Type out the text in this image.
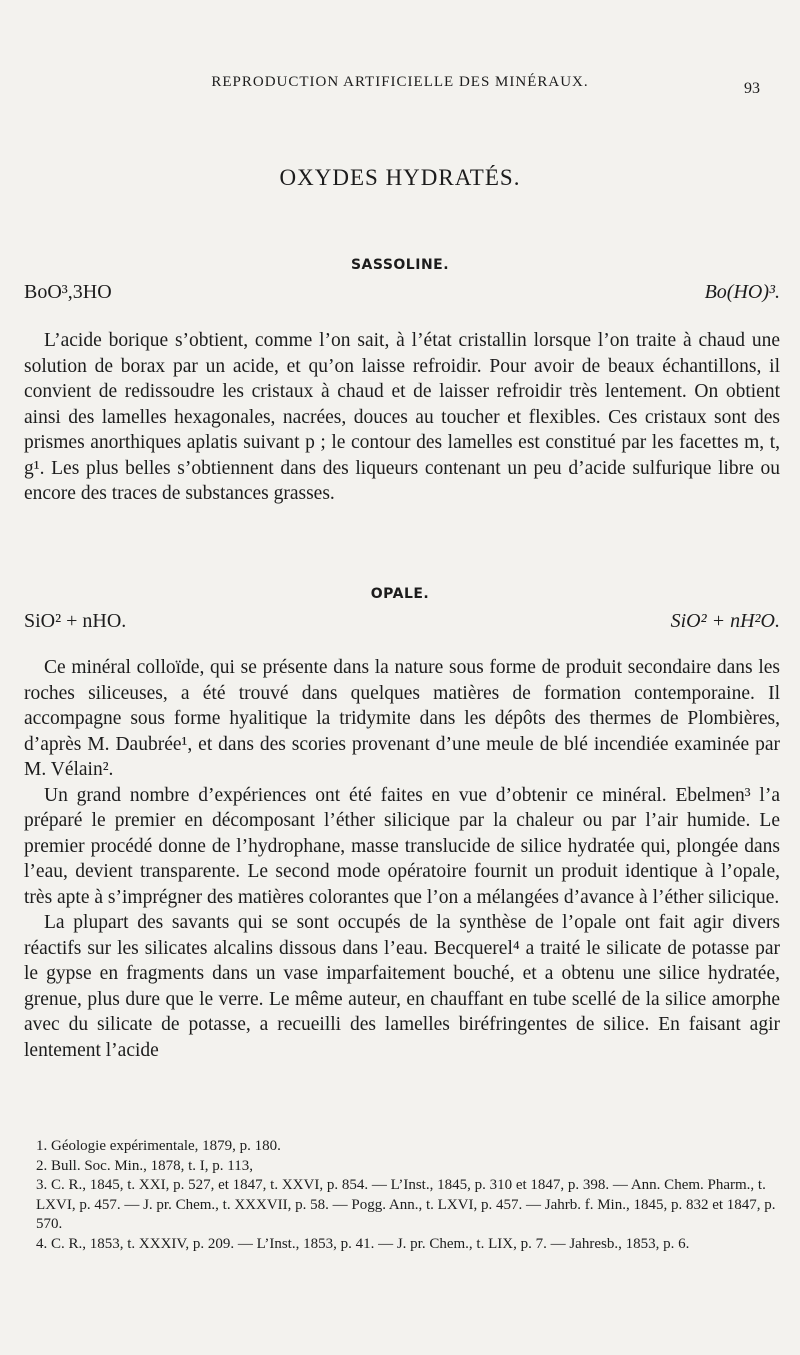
REPRODUCTION ARTIFICIELLE DES MINÉRAUX.	93
OXYDES HYDRATÉS.
SASSOLINE.
BoO³,3HO	Bo(HO)³.

L’acide borique s’obtient, comme l’on sait, à l’état cristallin lorsque l’on traite à chaud une solution de borax par un acide, et qu’on laisse refroidir. Pour avoir de beaux échantillons, il convient de redissoudre les cristaux à chaud et de laisser refroidir très lentement. On obtient ainsi des lamelles hexagonales, nacrées, douces au toucher et flexibles. Ces cristaux sont des prismes anorthiques aplatis suivant p ; le contour des lamelles est constitué par les facettes m, t, g¹. Les plus belles s’obtiennent dans des liqueurs contenant un peu d’acide sulfurique libre ou encore des traces de substances grasses.

OPALE.
SiO² + nHO.	SiO² + nH²O.

Ce minéral colloïde, qui se présente dans la nature sous forme de produit secondaire dans les roches siliceuses, a été trouvé dans quelques matières de formation contemporaine. Il accompagne sous forme hyalitique la tridymite dans les dépôts des thermes de Plombières, d’après M. Daubrée¹, et dans des scories provenant d’une meule de blé incendiée examinée par M. Vélain².

Un grand nombre d’expériences ont été faites en vue d’obtenir ce minéral. Ebelmen³ l’a préparé le premier en décomposant l’éther silicique par la chaleur ou par l’air humide. Le premier procédé donne de l’hydrophane, masse translucide de silice hydratée qui, plongée dans l’eau, devient transparente. Le second mode opératoire fournit un produit identique à l’opale, très apte à s’imprégner des matières colorantes que l’on a mélangées d’avance à l’éther silicique.

La plupart des savants qui se sont occupés de la synthèse de l’opale ont fait agir divers réactifs sur les silicates alcalins dissous dans l’eau. Becquerel⁴ a traité le silicate de potasse par le gypse en fragments dans un vase imparfaitement bouché, et a obtenu une silice hydratée, grenue, plus dure que le verre. Le même auteur, en chauffant en tube scellé de la silice amorphe avec du silicate de potasse, a recueilli des lamelles biréfringentes de silice. En faisant agir lentement l’acide

1. Géologie expérimentale, 1879, p. 180.

2. Bull. Soc. Min., 1878, t. I, p. 113,

3. C. R., 1845, t. XXI, p. 527, et 1847, t. XXVI, p. 854. — L’Inst., 1845, p. 310 et 1847, p. 398. — Ann. Chem. Pharm., t. LXVI, p. 457. — J. pr. Chem., t. XXXVII, p. 58. — Pogg. Ann., t. LXVI, p. 457. — Jahrb. f. Min., 1845, p. 832 et 1847, p. 570.

4. C. R., 1853, t. XXXIV, p. 209. — L’Inst., 1853, p. 41. — J. pr. Chem., t. LIX, p. 7. — Jahresb., 1853, p. 6.
